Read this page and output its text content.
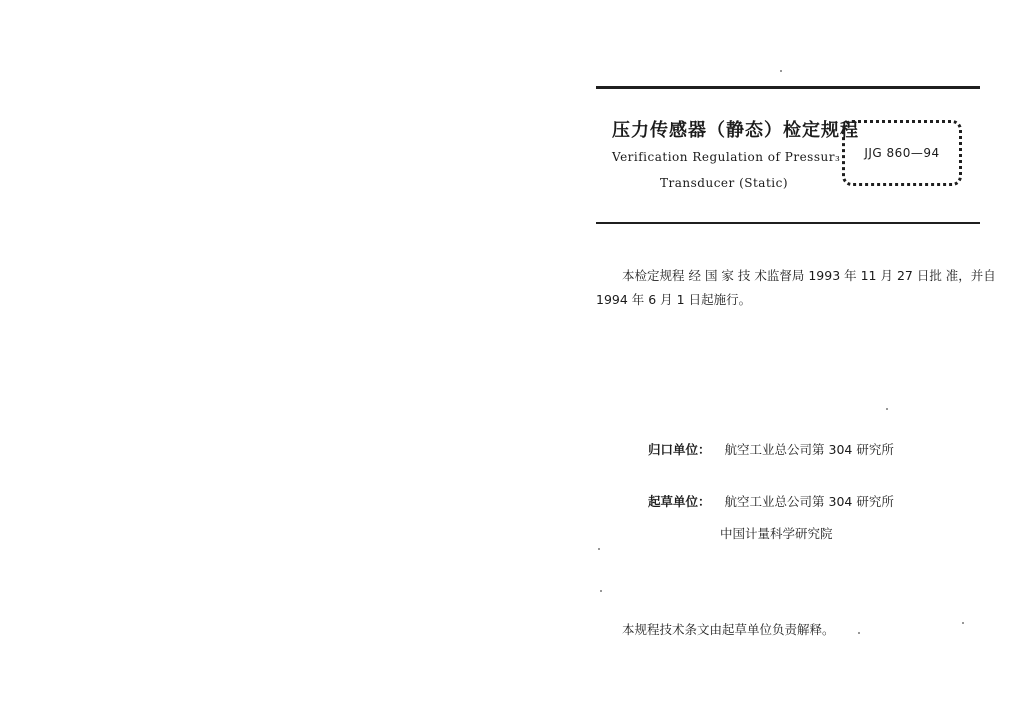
压力传感器（静态）检定规程
Verification Regulation of Pressur₃
Transducer (Static)
JJG 860—94
本检定规程 经 国 家 技 术监督局 1993 年 11 月 27 日批 准，并自
1994 年 6 月 1 日起施行。
归口单位： 航空工业总公司第 304 研究所
起草单位： 航空工业总公司第 304 研究所
中国计量科学研究院
本规程技术条文由起草单位负责解释。
